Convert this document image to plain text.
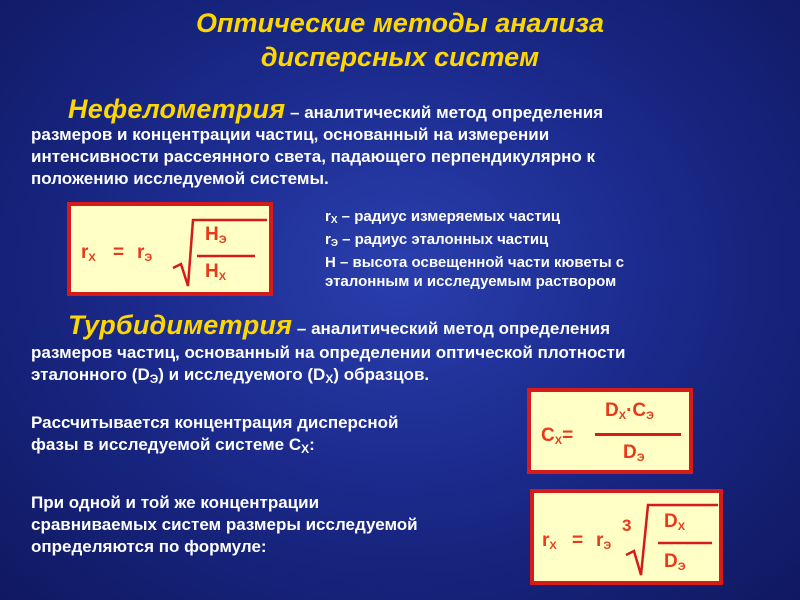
Оптические методы анализа
дисперсных систем
Нефелометрия – аналитический метод определения
размеров и концентрации частиц, основанный на измерении
интенсивности рассеянного света, падающего перпендикулярно к
положению исследуемой системы.
$r_X = r_Э$
$H_Э$
$H_X$
$r_X$ – радиус измеряемых частиц
$r_Э$ – радиус эталонных частиц
H – высота освещенной части кюветы с
эталонным и исследуемым раствором
Турбидиметрия – аналитический метод определения
размеров частиц, основанный на определении оптической плотности
эталонного $(D_Э)$ и исследуемого $(D_X)$ образцов.
Рассчитывается концентрация дисперсной
фазы в исследуемой системе $C_X$:	$C_X=$
$D_X\cdot C_Э$
$D_Э$
При одной и той же концентрации
сравниваемых систем размеры исследуемой
определяются по формуле:	$r_X = r_Э$
3 $D_X$
$D_Э$
